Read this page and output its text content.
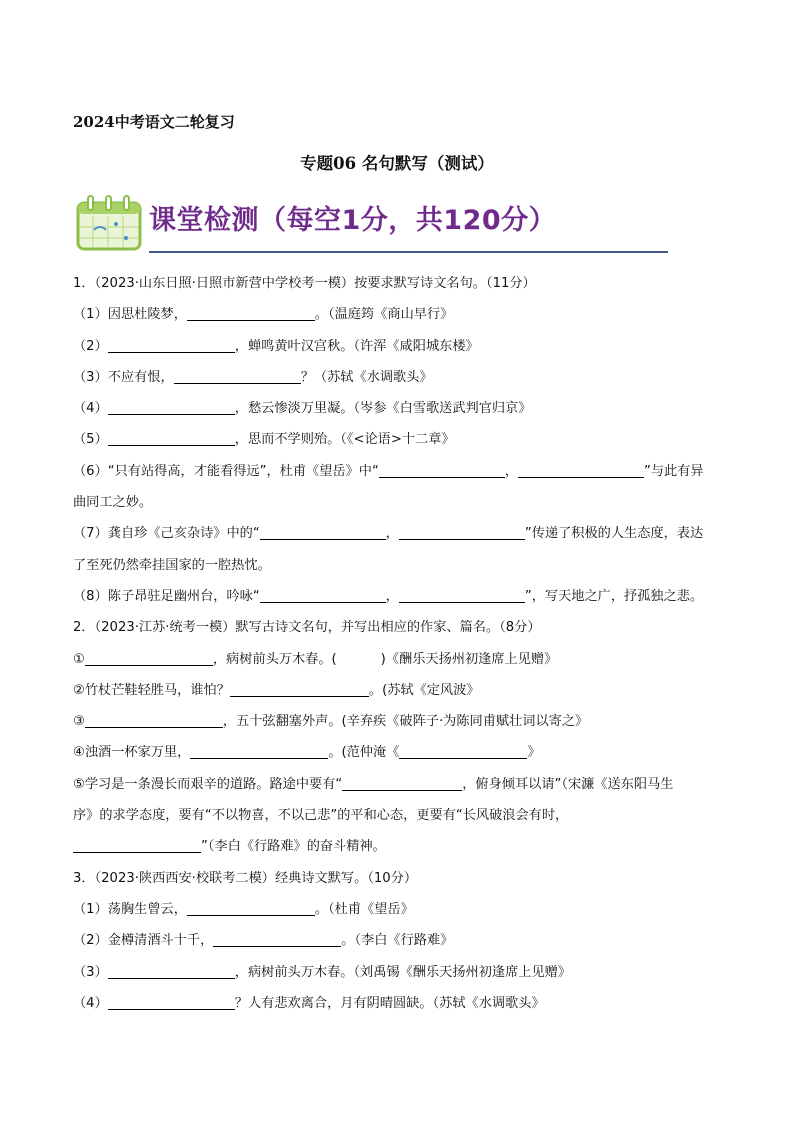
2024中考语文二轮复习
专题06 名句默写（测试）
课堂检测（每空1分，共120分）
1．（2023·山东日照·日照市新营中学校考一模）按要求默写诗文名句。（11分）
（1）因思杜陵梦，	。（温庭筠《商山早行》
（2）	，蝉鸣黄叶汉宫秋。（许浑《咸阳城东楼》
（3）不应有恨，	？（苏轼《水调歌头》
（4）	，愁云惨淡万里凝。（岑参《白雪歌送武判官归京》
（5）	，思而不学则殆。（《<论语>十二章》
（6）“只有站得高，才能看得远”，杜甫《望岳》中“	，	”与此有异
曲同工之妙。
（7）龚自珍《己亥杂诗》中的“	，	”传递了积极的人生态度，表达
了至死仍然牵挂国家的一腔热忱。
（8）陈子昂驻足幽州台，吟咏“	，	”，写天地之广，抒孤独之悲。
2．（2023·江苏·统考一模）默写古诗文名句，并写出相应的作家、篇名。（8分）
①	，病树前头万木春。(	)《酬乐天扬州初逢席上见赠》
②竹杖芒鞋轻胜马，谁怕？	。(苏轼《定风波》
③	，五十弦翻塞外声。(辛弃疾《破阵子·为陈同甫赋壮词以寄之》
④浊酒一杯家万里，	。(范仲淹《	》
⑤学习是一条漫长而艰辛的道路。路途中要有“	，俯身倾耳以请”（宋濂《送东阳马生
序》的求学态度，要有“不以物喜，不以己悲”的平和心态，更要有“长风破浪会有时，
”（李白《行路难》的奋斗精神。
3．（2023·陕西西安·校联考二模）经典诗文默写。（10分）
（1）荡胸生曾云，	。（杜甫《望岳》
（2）金樽清酒斗十千，	。（李白《行路难》
（3）	，病树前头万木春。（刘禹锡《酬乐天扬州初逢席上见赠》
（4）	？人有悲欢离合，月有阴晴圆缺。（苏轼《水调歌头》
